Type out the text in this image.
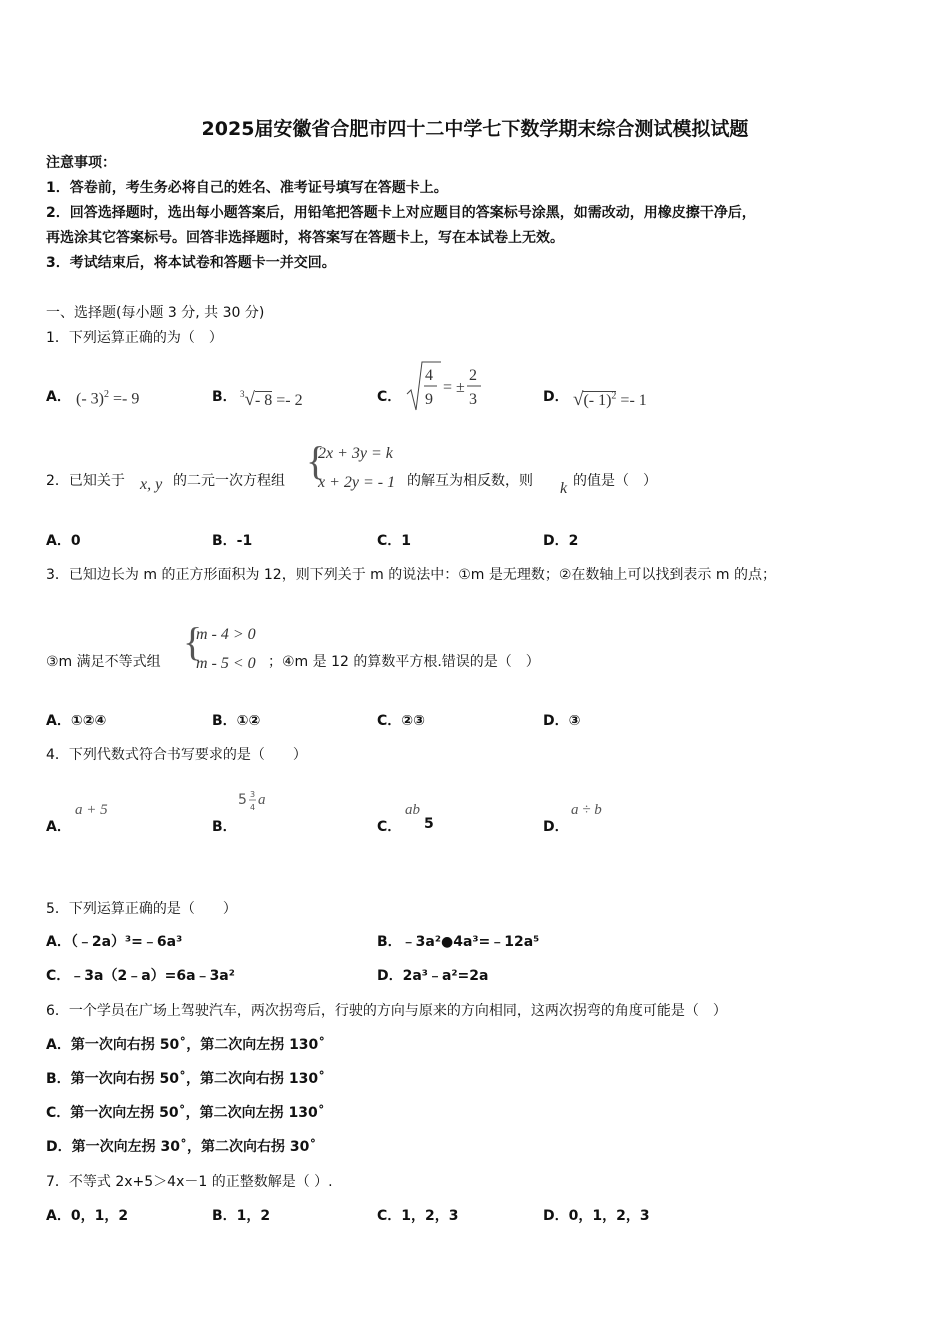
2025届安徽省合肥市四十二中学七下数学期末综合测试模拟试题
注意事项：
1．答卷前，考生务必将自己的姓名、准考证号填写在答题卡上。
2．回答选择题时，选出每小题答案后，用铅笔把答题卡上对应题目的答案标号涂黑，如需改动，用橡皮擦干净后，
再选涂其它答案标号。回答非选择题时，将答案写在答题卡上，写在本试卷上无效。
3．考试结束后，将本试卷和答题卡一并交回。
一、选择题(每小题 3 分, 共 30 分)
1．下列运算正确的为（　）
A． (- 3)$^2$ =- 9	B． $^3$√- 8 =- 2	C．
4
9
= ±
2
3	D． √(- 1)$^2$ =- 1
2．已知关于 x, y 的二元一次方程组 {
2x + 3y = k
x + 2y = - 1 的解互为相反数，则 k 的值是（　）
A．0	B．-1	C．1	D．2
3．已知边长为 m 的正方形面积为 12，则下列关于 m 的说法中：①m 是无理数；②在数轴上可以找到表示 m 的点；
③m 满足不等式组 {
m - 4 > 0
m - 5 < 0 ；④m 是 12 的算数平方根.错误的是（　）
A．①②④	B．①②	C．②③	D．③
4．下列代数式符合书写要求的是（　　）
A．
a + 5
B．
5 3
4 a
C．
ab
5	D．
a ÷ b
5．下列运算正确的是（　　）
A．（﹣2a）³=﹣6a³	B．﹣3a²●4a³=﹣12a⁵
C．﹣3a（2﹣a）=6a﹣3a²	D．2a³﹣a²=2a
6．一个学员在广场上驾驶汽车，两次拐弯后，行驶的方向与原来的方向相同，这两次拐弯的角度可能是（　）
A．第一次向右拐 50˚，第二次向左拐 130˚
B．第一次向右拐 50˚，第二次向右拐 130˚
C．第一次向左拐 50˚，第二次向左拐 130˚
D．第一次向左拐 30˚，第二次向右拐 30˚
7．不等式 2x+5＞4x－1 的正整数解是（ ）.
A．0，1，2	B．1，2	C．1，2，3	D．0，1，2，3
